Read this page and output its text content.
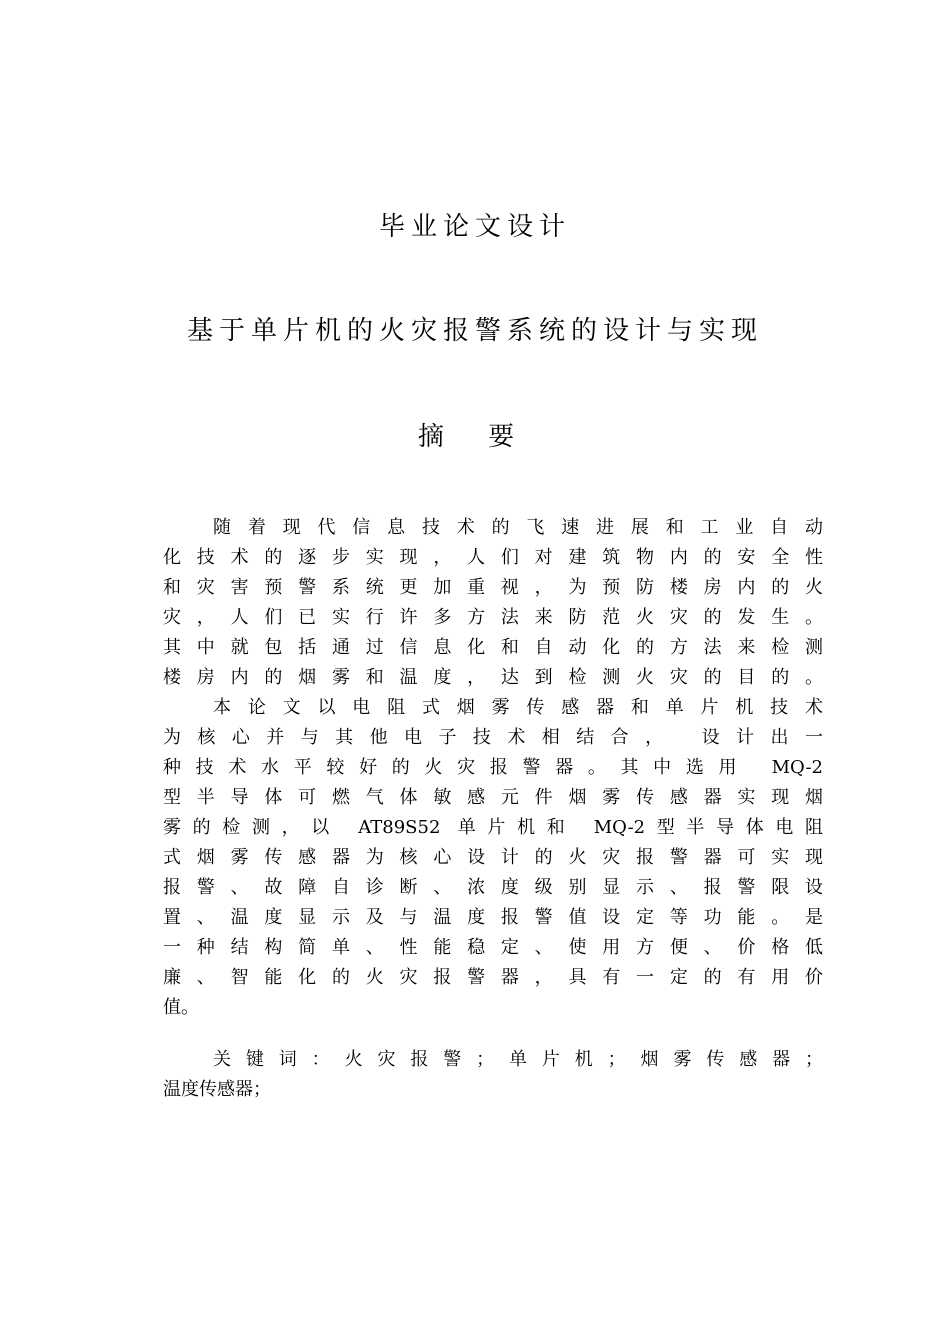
毕业论文设计
基于单片机的火灾报警系统的设计与实现
摘 要
随着现代信息技术的飞速进展和工业自动
化技术的逐步实现，人们对建筑物内的安全性
和灾害预警系统更加重视，为预防楼房内的火
灾，人们已实行许多方法来防范火灾的发生。
其中就包括通过信息化和自动化的方法来检测
楼房内的烟雾和温度，达到检测火灾的目的。
本论文以电阻式烟雾传感器和单片机技术
为核心并与其他电子技术相结合， 设计出一
种技术水平较好的火灾报警器。其中选用 MQ-2
型半导体可燃气体敏感元件烟雾传感器实现烟
雾的检测，以 AT89S52 单片机和 MQ-2型半导体电阻
式烟雾传感器为核心设计的火灾报警器可实现
报警、故障自诊断、浓度级别显示、报警限设
置、温度显示及与温度报警值设定等功能。是
一种结构简单、性能稳定、使用方便、价格低
廉、智能化的火灾报警器，具有一定的有用价
值。
关键词：火灾报警；单片机；烟雾传感器；
温度传感器；
